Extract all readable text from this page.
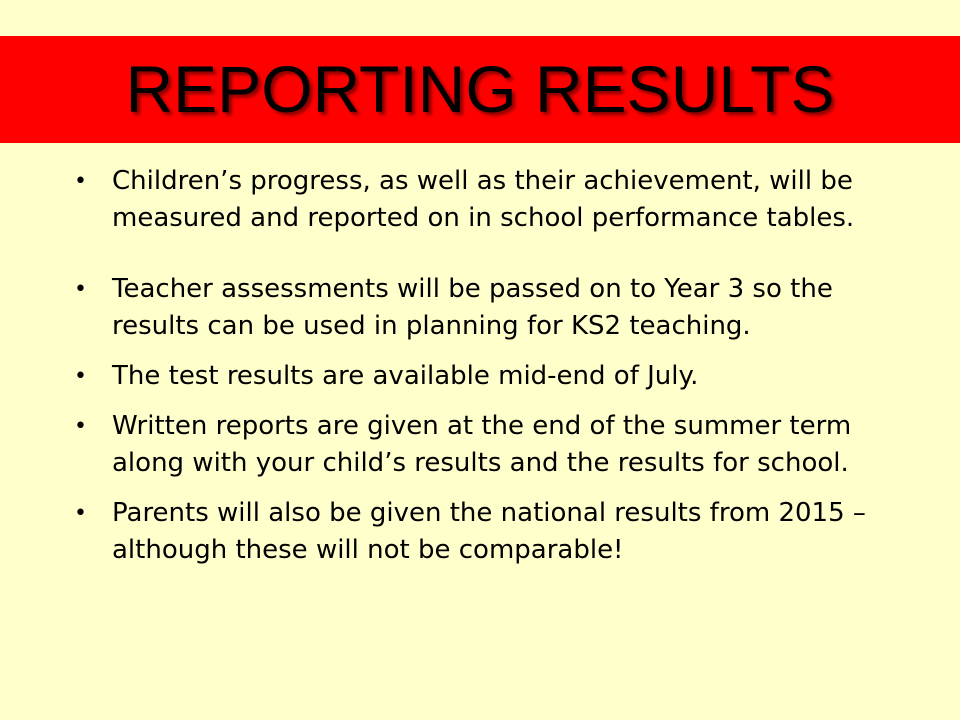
REPORTING RESULTS
• Children’s progress, as well as their achievement, will be measured and reported on in school performance tables.
• Teacher assessments will be passed on to Year 3 so the results can be used in planning for KS2 teaching.
• The test results are available mid-end of July.
• Written reports are given at the end of the summer term along with your child’s results and the results for school.
• Parents will also be given the national results from 2015 – although these will not be comparable!
